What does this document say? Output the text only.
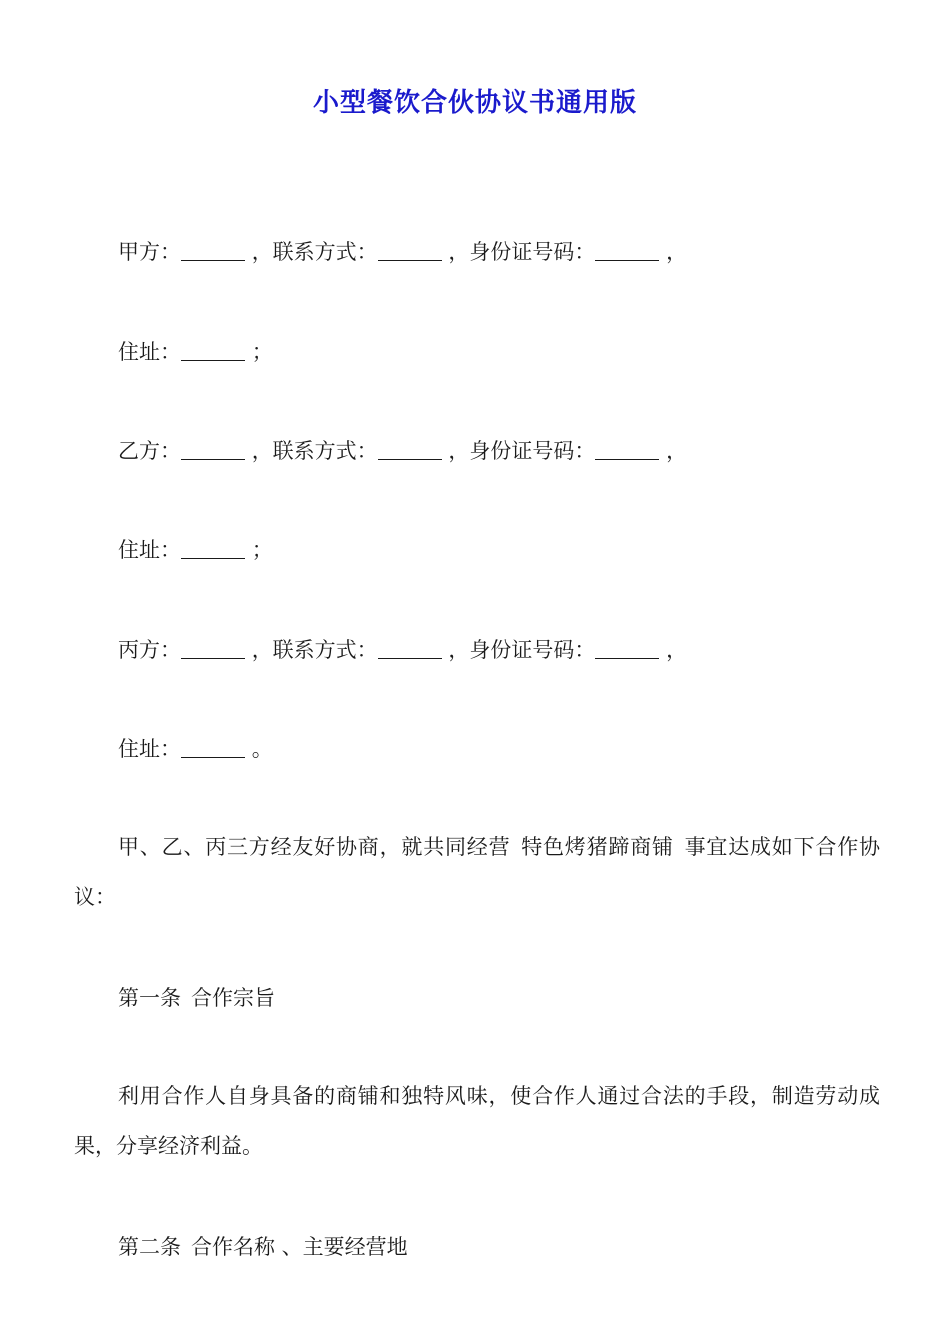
小型餐饮合伙协议书通用版
甲方：	，联系方式：	，身份证号码：	，
住址：	；
乙方：	，联系方式：	，身份证号码：	，
住址：	；
丙方：	，联系方式：	，身份证号码：	，
住址：	。
甲、乙、丙三方经友好协商，就共同经营 特色烤猪蹄商铺 事宜达成如下合作协议：
第一条 合作宗旨
利用合作人自身具备的商铺和独特风味，使合作人通过合法的手段，制造劳动成果，分享经济利益。
第二条 合作名称 、主要经营地
